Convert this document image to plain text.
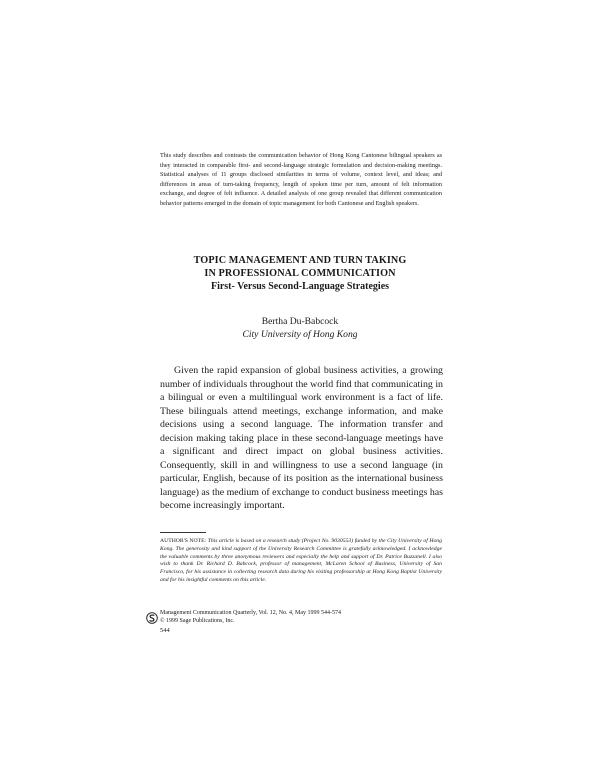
This study describes and contrasts the communication behavior of Hong Kong Cantonese bilingual speakers as they interacted in comparable first- and second-language strategic formulation and decision-making meetings. Statistical analyses of 11 groups disclosed similarities in terms of volume, context level, and ideas; and differences in areas of turn-taking frequency, length of spoken time per turn, amount of felt information exchange, and degree of felt influence. A detailed analysis of one group revealed that different communication behavior patterns emerged in the domain of topic management for both Cantonese and English speakers.
TOPIC MANAGEMENT AND TURN TAKING
IN PROFESSIONAL COMMUNICATION
First- Versus Second-Language Strategies
Bertha Du-Babcock
City University of Hong Kong
Given the rapid expansion of global business activities, a growing number of individuals throughout the world find that communicating in a bilingual or even a multilingual work environment is a fact of life. These bilinguals attend meetings, exchange information, and make decisions using a second language. The information transfer and decision making taking place in these second-language meetings have a significant and direct impact on global business activities. Consequently, skill in and willingness to use a second language (in particular, English, because of its position as the international business language) as the medium of exchange to conduct business meetings has become increasingly important.
AUTHOR'S NOTE: This article is based on a research study (Project No. 9030553) funded by the City University of Hong Kong. The generosity and kind support of the University Research Committee is gratefully acknowledged. I acknowledge the valuable comments by three anonymous reviewers and especially the help and support of Dr. Patrice Buzzanell. I also wish to thank Dr. Richard D. Babcock, professor of management, McLaren School of Business, University of San Francisco, for his assistance in collecting research data during his visiting professorship at Hong Kong Baptist University and for his insightful comments on this article.
Management Communication Quarterly, Vol. 12, No. 4, May 1999 544-574
© 1999 Sage Publications, Inc.
544
